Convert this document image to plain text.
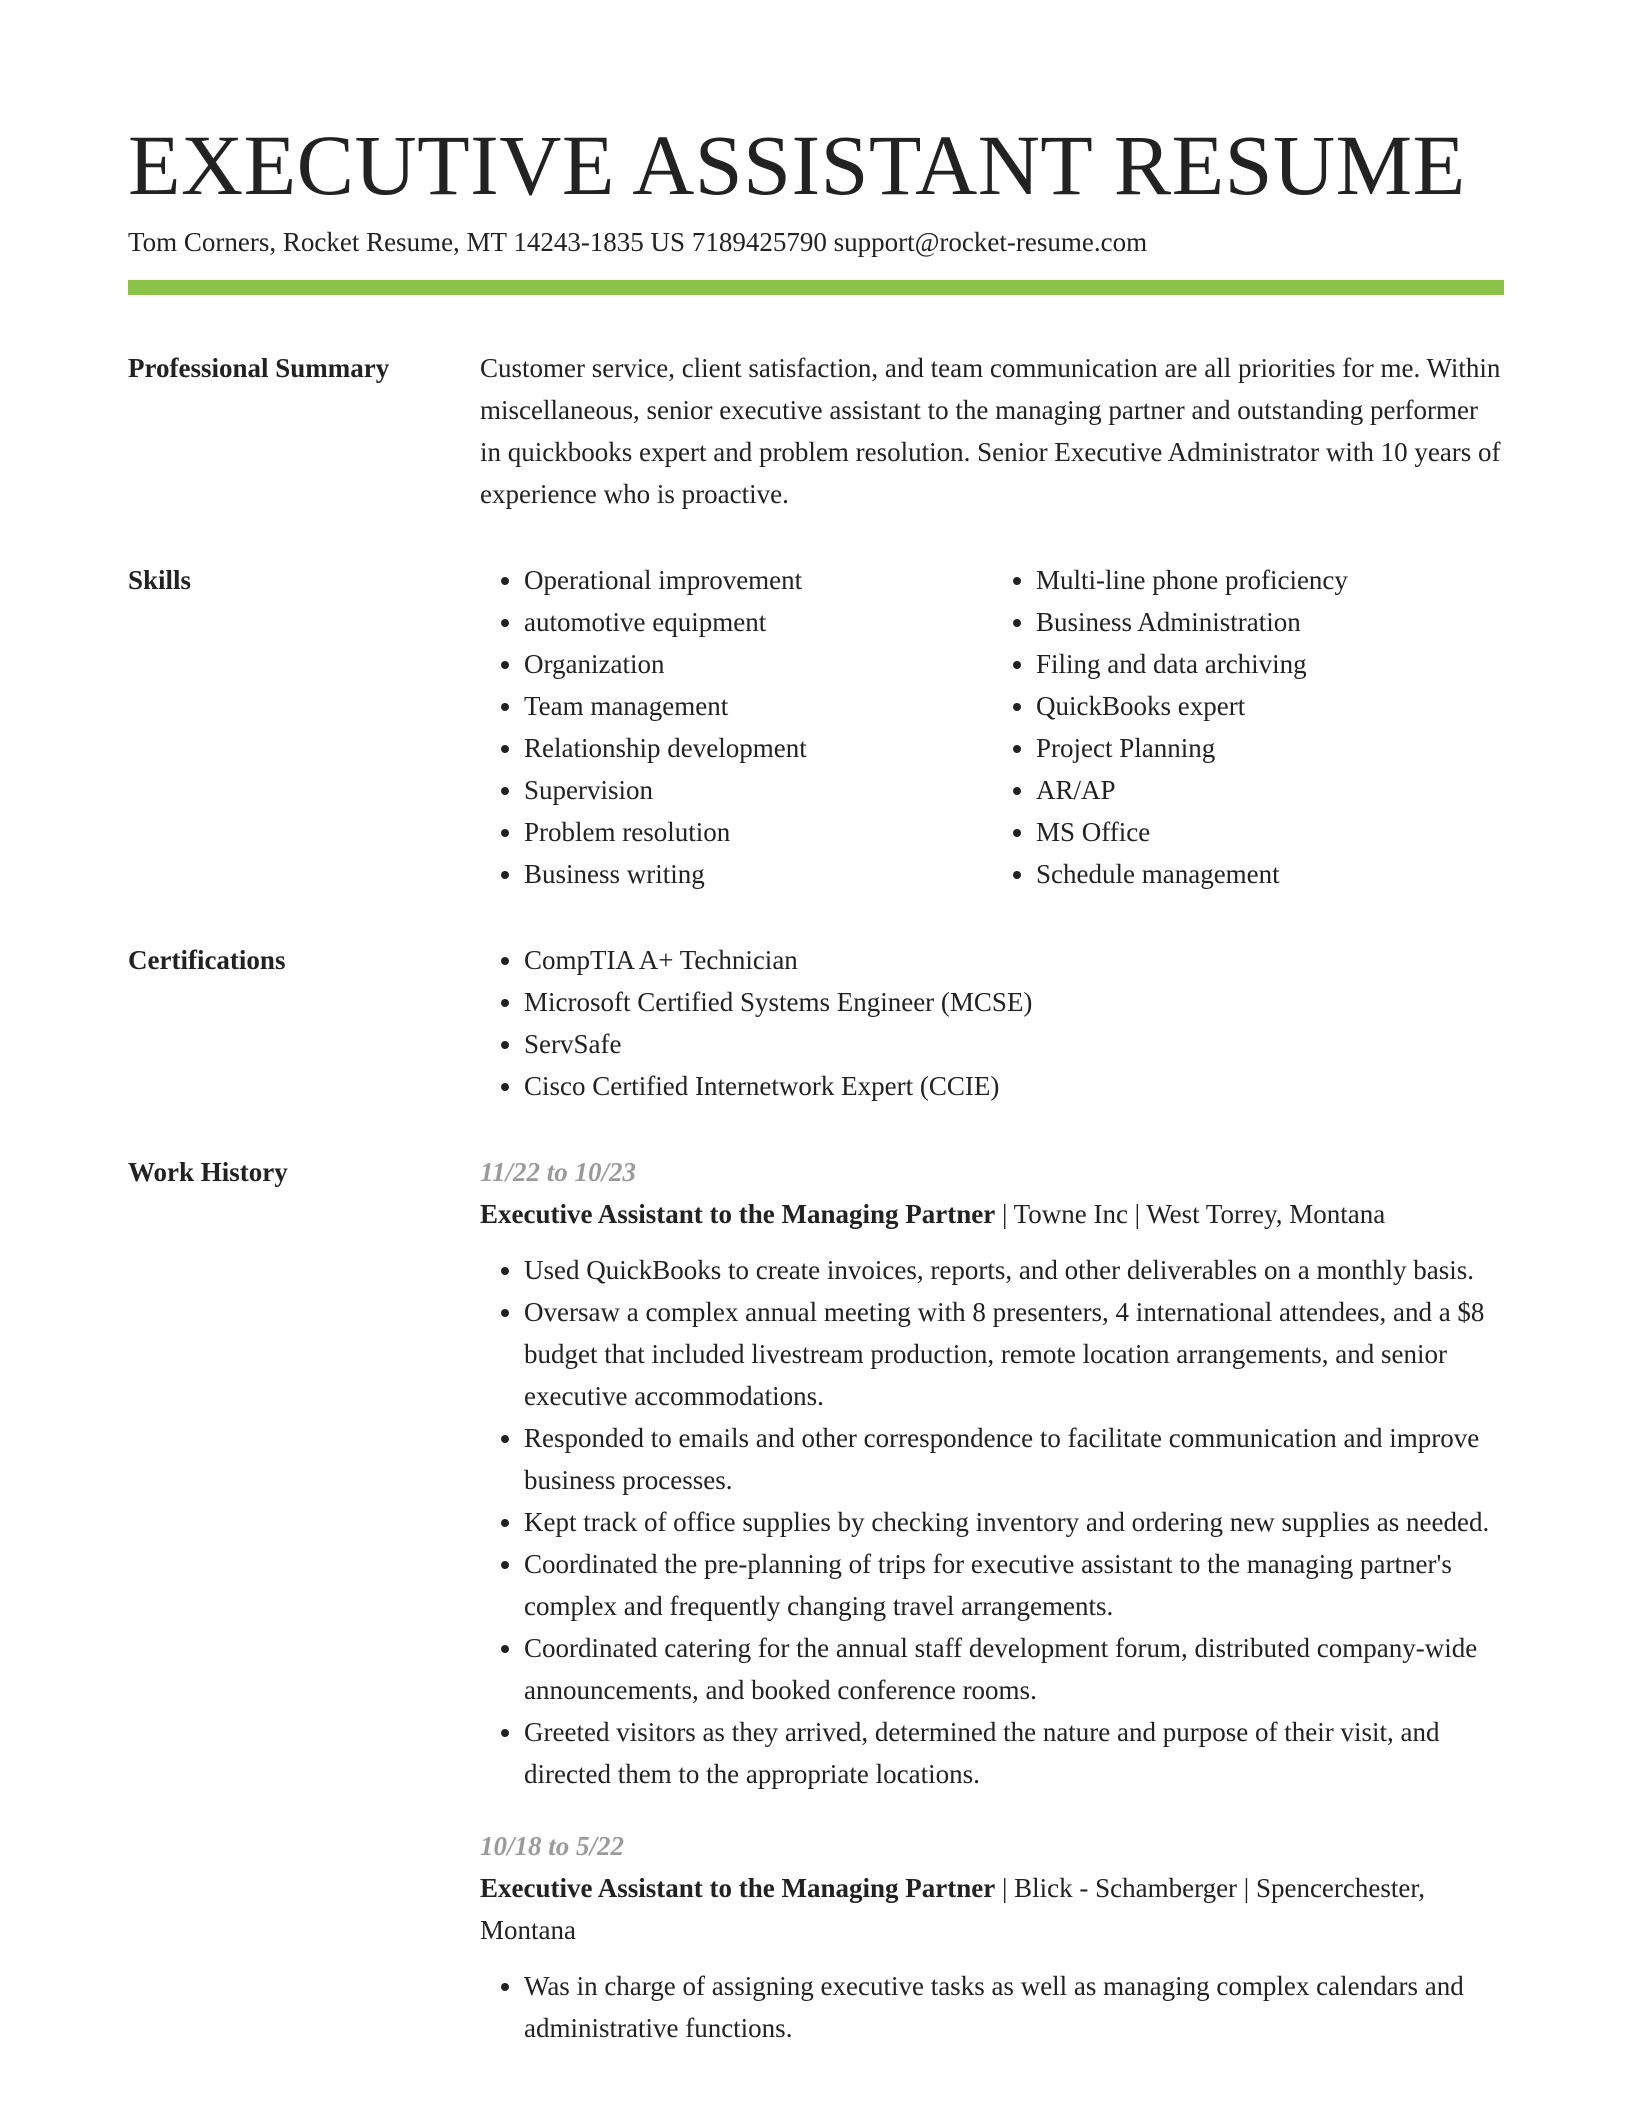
EXECUTIVE ASSISTANT RESUME
Tom Corners, Rocket Resume, MT 14243-1835 US 7189425790 support@rocket-resume.com
Professional Summary	Customer service, client satisfaction, and team communication are all priorities for me. Within miscellaneous, senior executive assistant to the managing partner and outstanding performer in quickbooks expert and problem resolution. Senior Executive Administrator with 10 years of experience who is proactive.

Skills	• Operational improvement
• automotive equipment
• Organization
• Team management
• Relationship development
• Supervision
• Problem resolution
• Business writing
• Multi-line phone proficiency
• Business Administration
• Filing and data archiving
• QuickBooks expert
• Project Planning
• AR/AP
• MS Office
• Schedule management
Certifications	• CompTIA A+ Technician
• Microsoft Certified Systems Engineer (MCSE)
• ServSafe
• Cisco Certified Internetwork Expert (CCIE)
Work History	11/22 to 10/23

Executive Assistant to the Managing Partner | Towne Inc | West Torrey, Montana

• Used QuickBooks to create invoices, reports, and other deliverables on a monthly basis.
• Oversaw a complex annual meeting with 8 presenters, 4 international attendees, and a $8 budget that included livestream production, remote location arrangements, and senior executive accommodations.
• Responded to emails and other correspondence to facilitate communication and improve business processes.
• Kept track of office supplies by checking inventory and ordering new supplies as needed.
• Coordinated the pre-planning of trips for executive assistant to the managing partner's complex and frequently changing travel arrangements.
• Coordinated catering for the annual staff development forum, distributed company-wide announcements, and booked conference rooms.
• Greeted visitors as they arrived, determined the nature and purpose of their visit, and directed them to the appropriate locations.
10/18 to 5/22

Executive Assistant to the Managing Partner | Blick - Schamberger | Spencerchester, Montana

• Was in charge of assigning executive tasks as well as managing complex calendars and administrative functions.
